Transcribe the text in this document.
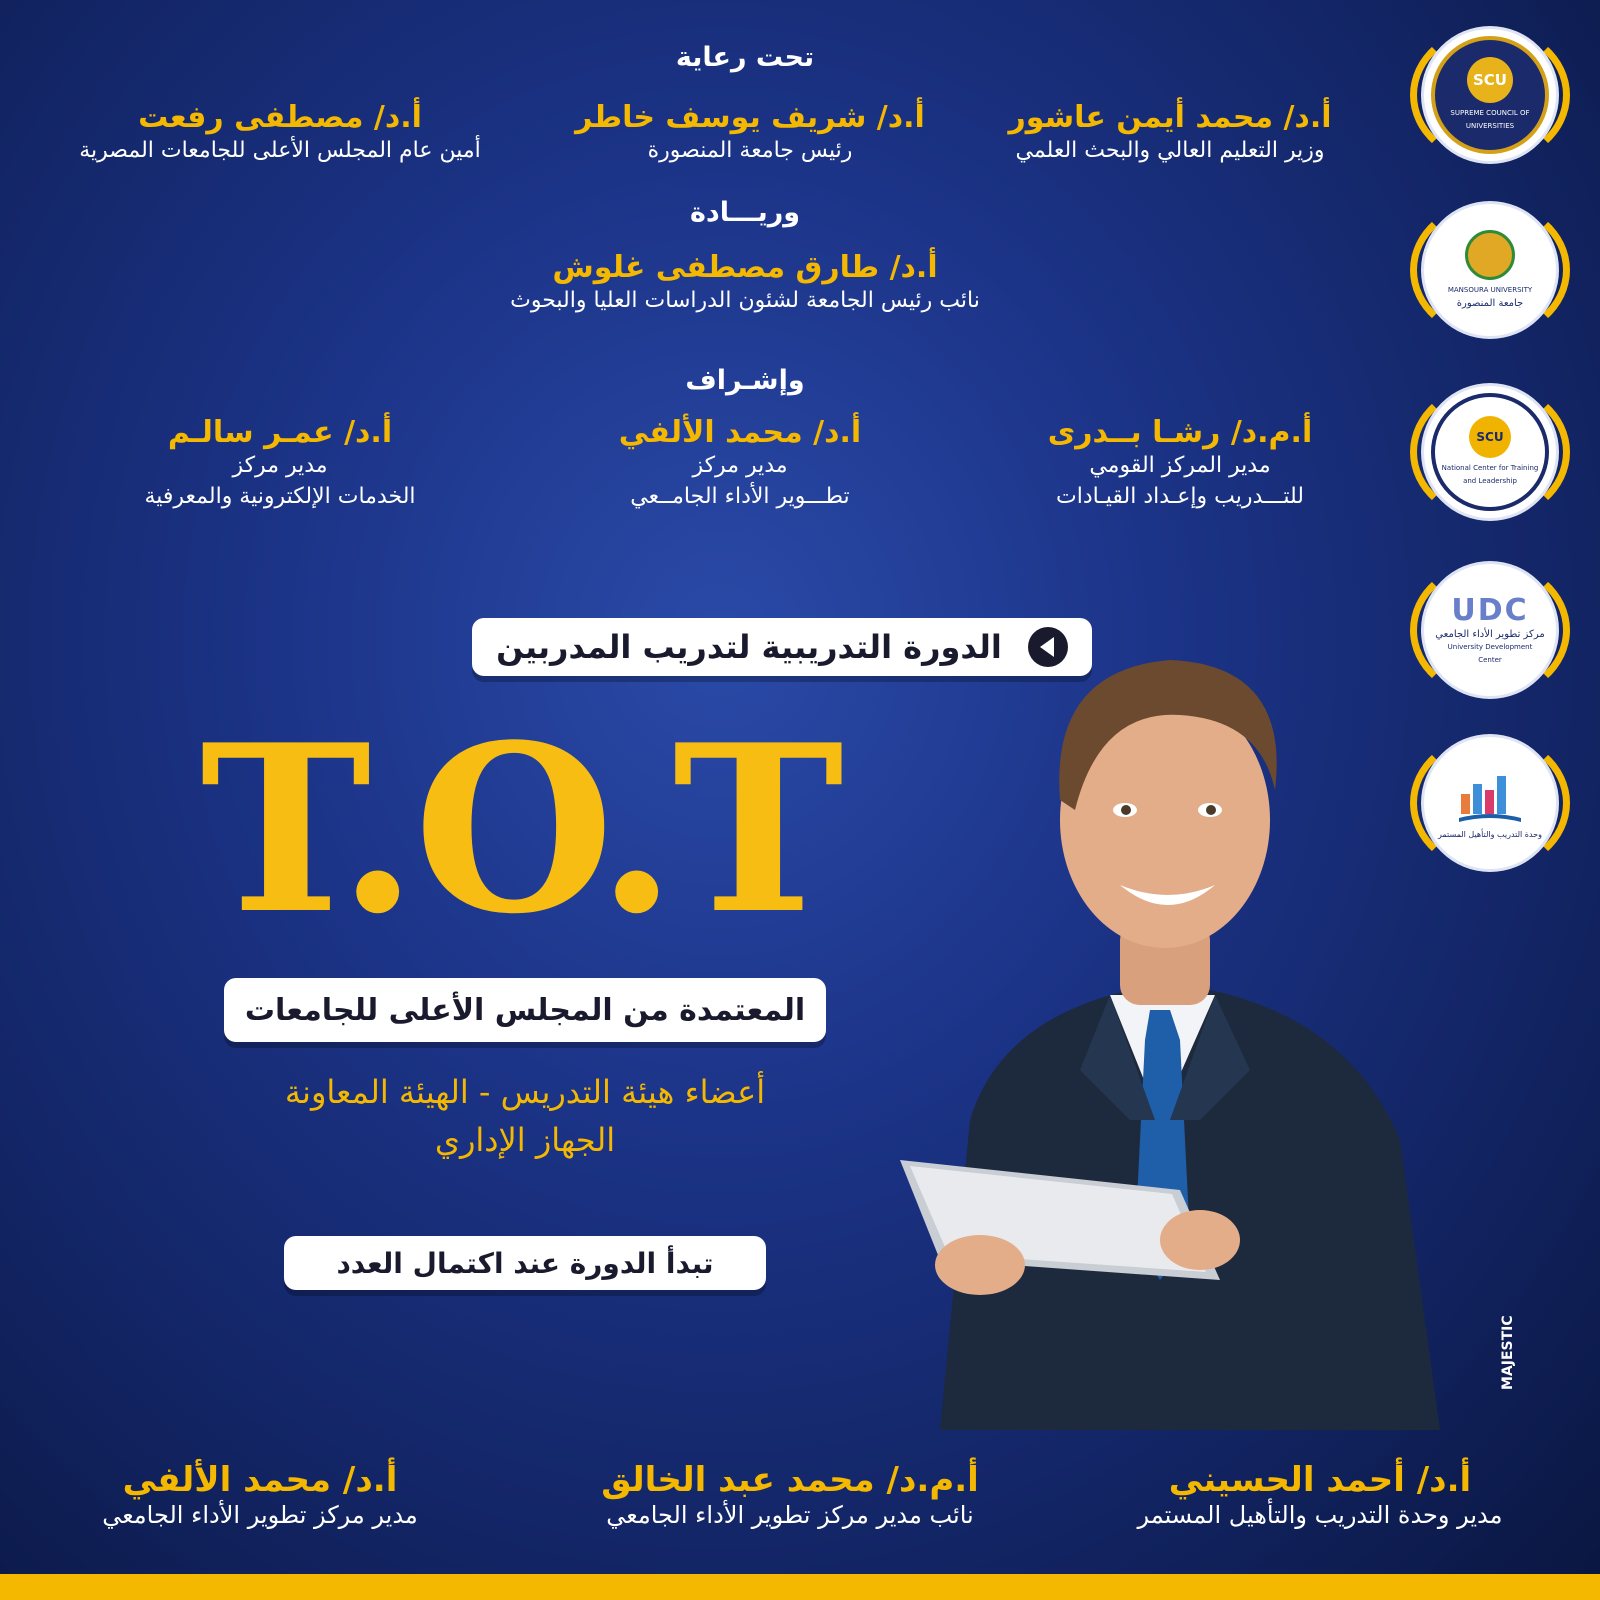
تحت رعاية
أ.د/ محمد أيمن عاشور
وزير التعليم العالي والبحث العلمي
أ.د/ شريف يوسف خاطر
رئيس جامعة المنصورة
أ.د/ مصطفى رفعت
أمين عام المجلس الأعلى للجامعات المصرية
وريـــادة
أ.د/ طارق مصطفى غلوش
نائب رئيس الجامعة لشئون الدراسات العليا والبحوث
وإشـراف
أ.م.د/ رشـا بــدرى
مدير المركز القومي
للتـــدريب وإعـداد القيـادات
أ.د/ محمد الألفي
مدير مركز
تطـــوير الأداء الجامــعي
أ.د/ عمـر سالـم
مدير مركز
الخدمات الإلكترونية والمعرفية
SCU
SUPREME COUNCIL OF UNIVERSITIES
MANSOURA UNIVERSITY
جامعة المنصورة
SCU
National Center for Training and Leadership
UDC
مركز تطوير الأداء الجامعي
University Development Center
وحدة التدريب والتأهيل المستمر
الدورة التدريبية لتدريب المدربين
T.O.T
المعتمدة من المجلس الأعلى للجامعات
أعضاء هيئة التدريس - الهيئة المعاونة
الجهاز الإداري
تبدأ الدورة عند اكتمال العدد
MAJESTIC
أ.د/ أحمد الحسيني
مدير وحدة التدريب والتأهيل المستمر
أ.م.د/ محمد عبد الخالق
نائب مدير مركز تطوير الأداء الجامعي
أ.د/ محمد الألفي
مدير مركز تطوير الأداء الجامعي
